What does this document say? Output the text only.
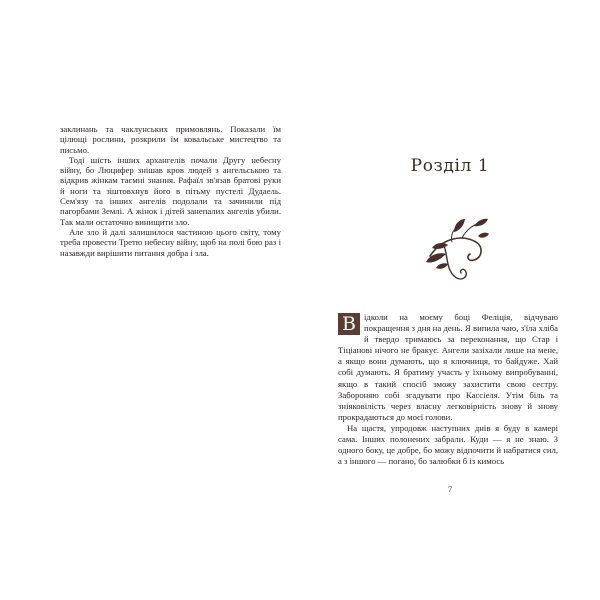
заклинань та чаклунських примовлянь. Показали їм цілющі рослини, розкрили їм ковальське мистецтво та письмо.

Тоді шість інших архангелів почали Другу небесну війну, бо Люцифер знішав кров людей з ангельською та відкрив жінкам таємні знання. Рафаїл зв'язав братові руки й ноги та зіштовхнув його в пітьму пустелі Дудаель. Сем'язу та інших ангелів подолали та зачинили під пагорбами Землі. А жінок і дітей занепалих ангелів убили. Так мали остаточно винищити зло.

Але зло й далі залишилося частиною цього світу, тому треба провести Третю небесну війну, щоб на полі бою раз і назавжди вирішити питання добра і зла.

Розділ 1

В ідколи на моєму боці Феліція, відчуваю покращення з дня на день. Я випила чаю, з'їла хліба й твердо тримаюсь за переконання, що Стар і Тіціанові нічого не бракує. Ангели зазіхали лише на мене, а якщо вони думають, що я ключниця, то байдуже. Хай собі думають. Я братиму участь у їхньому випробуванні, якщо в такий спосіб зможу захистити свою сестру. Забороняю собі згадувати про Кассіеля. Утім біль та зніяковілість через власну легковірність знову й знову прокрадаються до моєї голови.

На щастя, упродовж наступних днів я буду в камері сама. Інших полонених забрали. Куди — я не знаю. З одного боку, це добре, бо можу відпочити й набратися сил, а з іншого — погано, бо залюбки б із кимось

7
